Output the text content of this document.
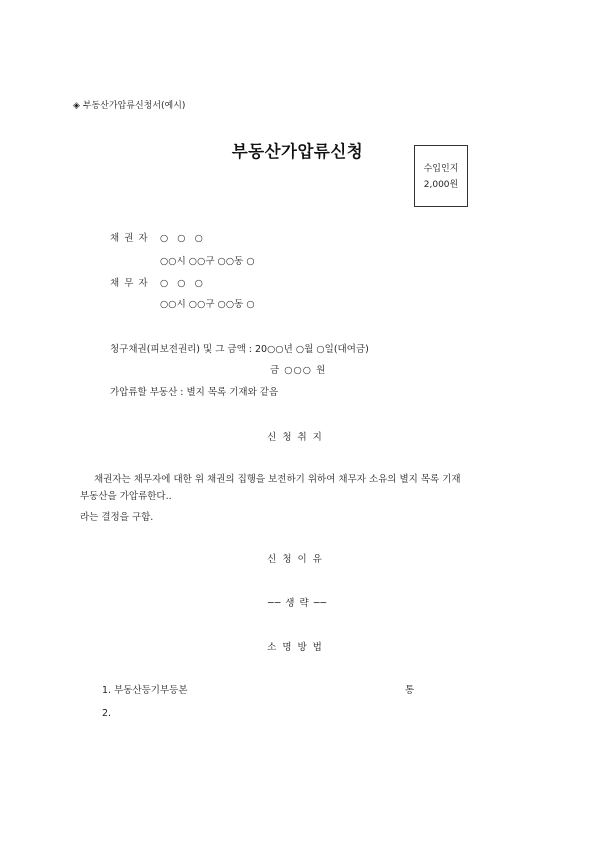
◈ 부동산가압류신청서(예시)
부동산가압류신청
수입인지
2,000원
채 권 자 ○ ○ ○
○○시 ○○구 ○○동 ○
채 무 자 ○ ○ ○
○○시 ○○구 ○○동 ○
청구채권(피보전권리) 및 그 금액 : 20○○년 ○월 ○일(대여금)
금 ○○○ 원
가압류할 부동산 : 별지 목록 기재와 같음
신청취지
채권자는 채무자에 대한 위 채권의 집행을 보전하기 위하여 채무자 소유의 별지 목록 기재
부동산을 가압류한다..
라는 결정을 구함.
신청이유
── 생 략 ──
소명방법
1. 부동산등기부등본	통
2.
